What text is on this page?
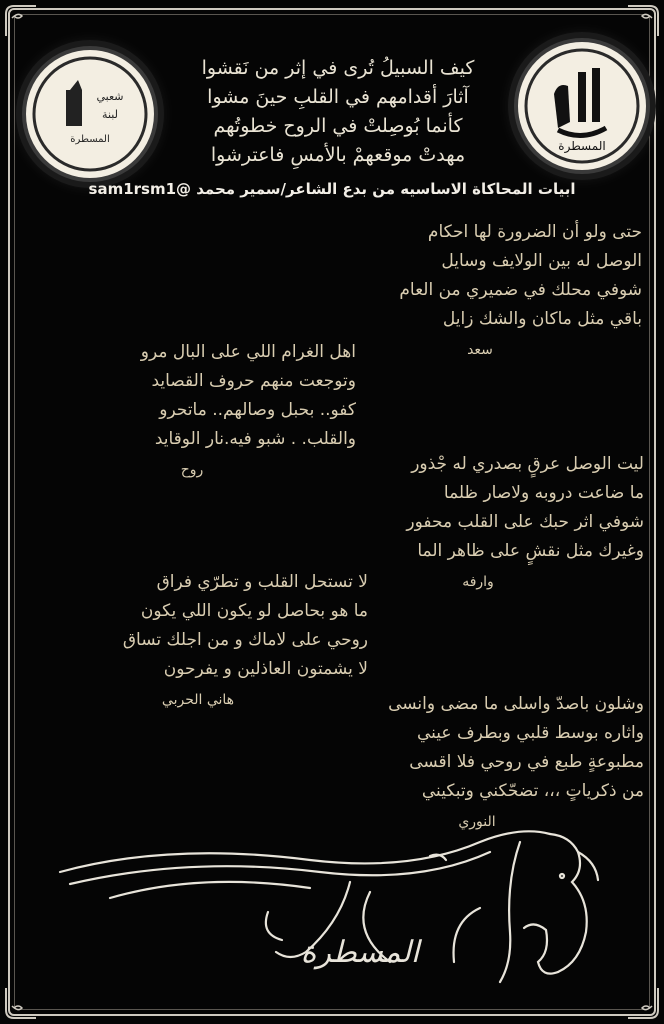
شعبي
لبنة
المسطرة	المسطرة
كيف السبيلُ تُرى في إثر من نَقشوا
آثارَ أقدامهم في القلبِ حينَ مشوا
كأنما بُوصِلتْ في الروح خطوتُهم
مهدتْ موقعهمْ بالأمسِ فاعترشوا
ابيات المحاكاة الاساسيه من بدع الشاعر/سمير محمد @sam1rsm1
حتى ولو أن الضرورة لها احكام
الوصل له بين الولايف وسايل
شوفي محلك في ضميري من العام
باقي مثل ماكان والشك زايل
سعد
اهل الغرام اللي على البال مرو
وتوجعت منهم حروف القصايد
كفو.. بحبل وصالهم.. ماتحرو
والقلب. . شبو فيه.نار الوقايد
روح	ليت الوصل عرقٍ بصدري له جْذور
ما ضاعت دروبه ولاصار ظلما
شوفي اثر حبك على القلب محفور
وغيرك مثل نقشٍ على ظاهر الما
وارفه
لا تستحل القلب و تطرّي فراق
ما هو بحاصل لو يكون اللي يكون
روحي على لاماك و من اجلك تساق
لا يشمتون العاذلين و يفرحون
هاني الحربي	وشلون باصدّ واسلى ما مضى وانسى
واثاره بوسط قلبي وبطرف عيني
مطبوعةٍ طبع في روحي فلا اقسى
من ذكرياتٍ ،،، تضحّكني وتبكيني
النوري
المسطرة
